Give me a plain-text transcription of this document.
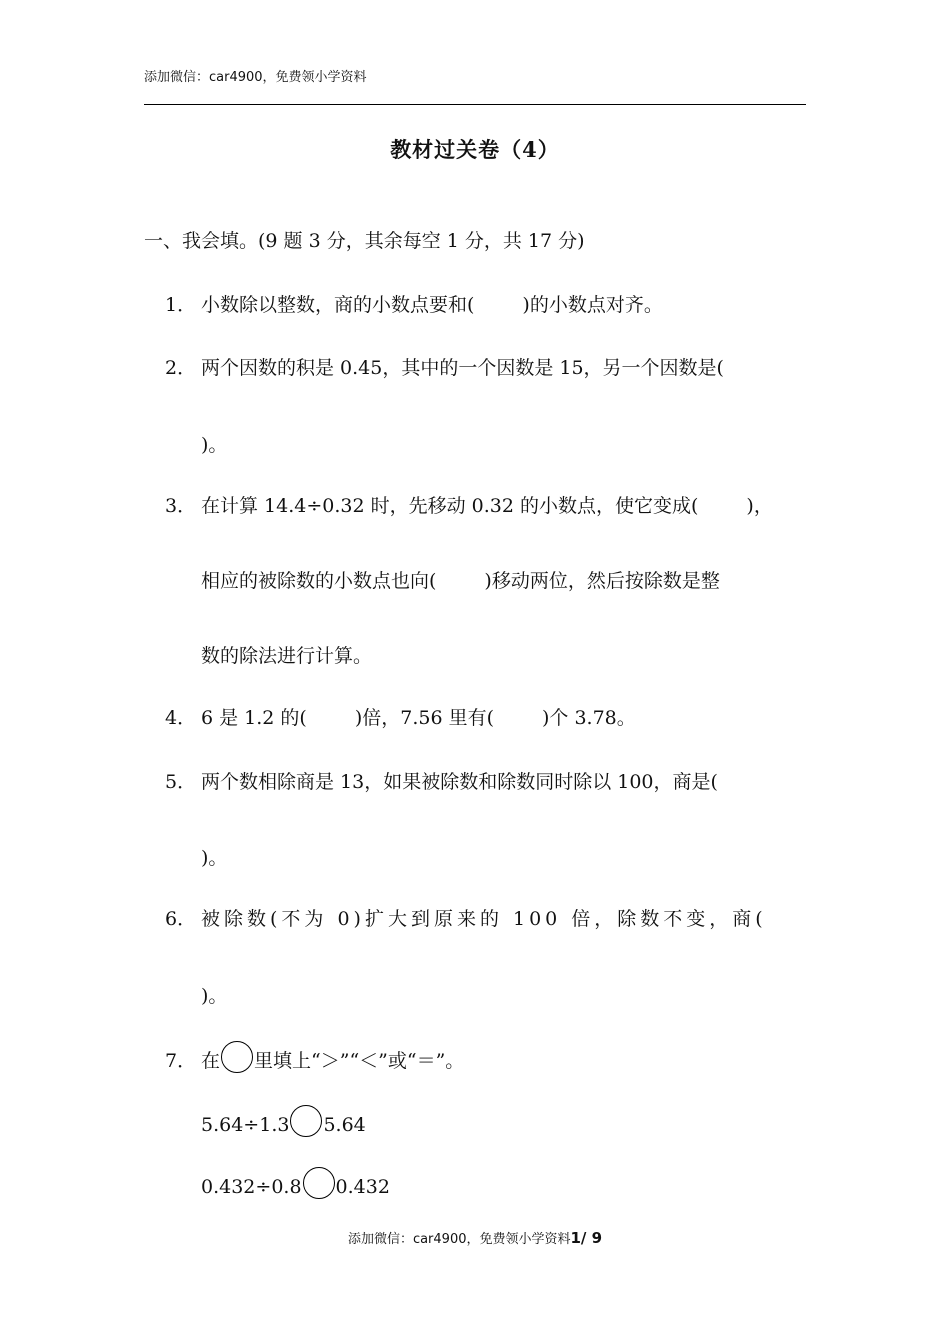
添加微信：car4900，免费领小学资料
教材过关卷（4）
一、我会填。(9 题 3 分，其余每空 1 分，共 17 分)
1． 小数除以整数，商的小数点要和(	)的小数点对齐。
2． 两个因数的积是 0.45，其中的一个因数是 15，另一个因数是(
)。
3． 在计算 14.4÷0.32 时，先移动 0.32 的小数点，使它变成(	)，
相应的被除数的小数点也向(	)移动两位，然后按除数是整
数的除法进行计算。
4． 6 是 1.2 的(	)倍，7.56 里有(	)个 3.78。
5． 两个数相除商是 13，如果被除数和除数同时除以 100，商是(
)。
6． 被除数(不为 0)扩大到原来的 100 倍，除数不变，商(
)。
7． 在 里填上“＞”“＜”或“＝”。
5.64÷1.3 5.64
0.432÷0.8 0.432
添加微信：car4900，免费领小学资料1/ 9
